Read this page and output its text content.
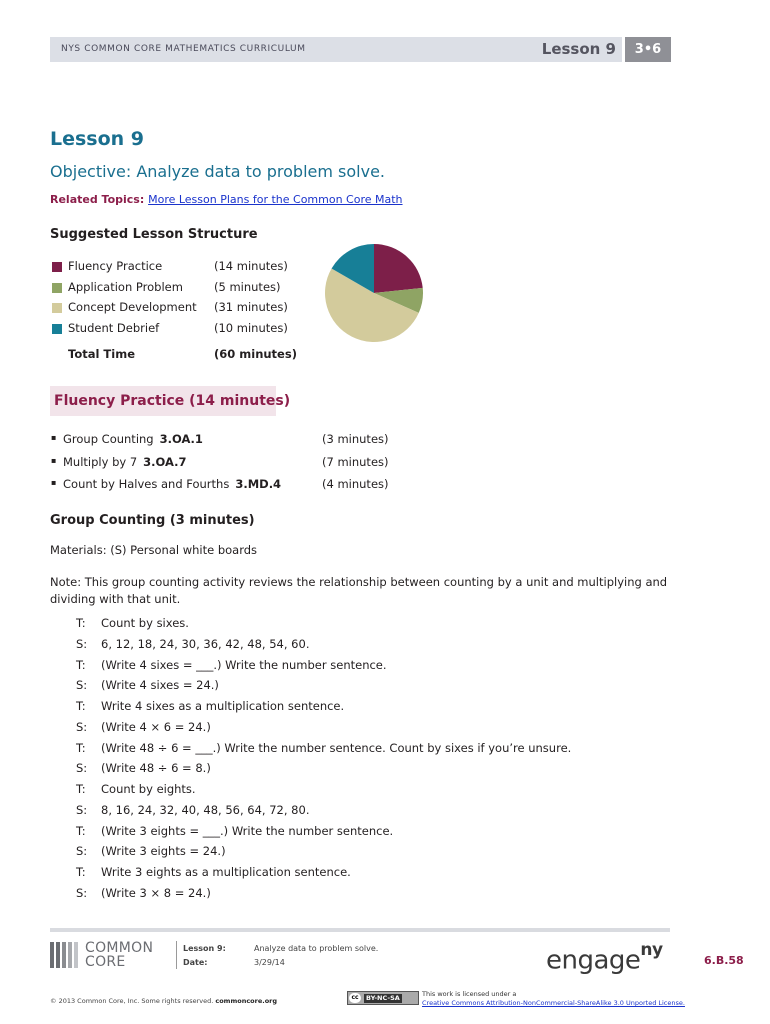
NYS COMMON CORE MATHEMATICS CURRICULUM	Lesson 9	3•6
Lesson 9
Objective: Analyze data to problem solve.
Related Topics: More Lesson Plans for the Common Core Math
Suggested Lesson Structure
Fluency Practice	(14 minutes)
Application Problem	(5 minutes)
Concept Development (31 minutes)
Student Debrief	(10 minutes)
Total Time	(60 minutes)
Fluency Practice (14 minutes)
▪ Group Counting 3.OA.1	(3 minutes)
▪ Multiply by 7 3.OA.7	(7 minutes)
▪ Count by Halves and Fourths 3.MD.4	(4 minutes)
Group Counting (3 minutes)
Materials: (S) Personal white boards
Note: This group counting activity reviews the relationship between counting by a unit and multiplying and dividing with that unit.
T: Count by sixes.
S: 6, 12, 18, 24, 30, 36, 42, 48, 54, 60.
T: (Write 4 sixes = ___.) Write the number sentence.
S: (Write 4 sixes = 24.)
T: Write 4 sixes as a multiplication sentence.
S: (Write 4 × 6 = 24.)
T: (Write 48 ÷ 6 = ___.) Write the number sentence. Count by sixes if you’re unsure.
S: (Write 48 ÷ 6 = 8.)
T: Count by eights.
S: 8, 16, 24, 32, 40, 48, 56, 64, 72, 80.
T: (Write 3 eights = ___.) Write the number sentence.
S: (Write 3 eights = 24.)
T: Write 3 eights as a multiplication sentence.
S: (Write 3 × 8 = 24.)
COMMON
CORE
Lesson 9:
Date:
Analyze data to problem solve.
3/29/14	engage$^{ny}$
6.B.58
© 2013 Common Core, Inc. Some rights reserved. commoncore.org	cc	BY-NC-SA	This work is licensed under a
Creative Commons Attribution-NonCommercial-ShareAlike 3.0 Unported License.
